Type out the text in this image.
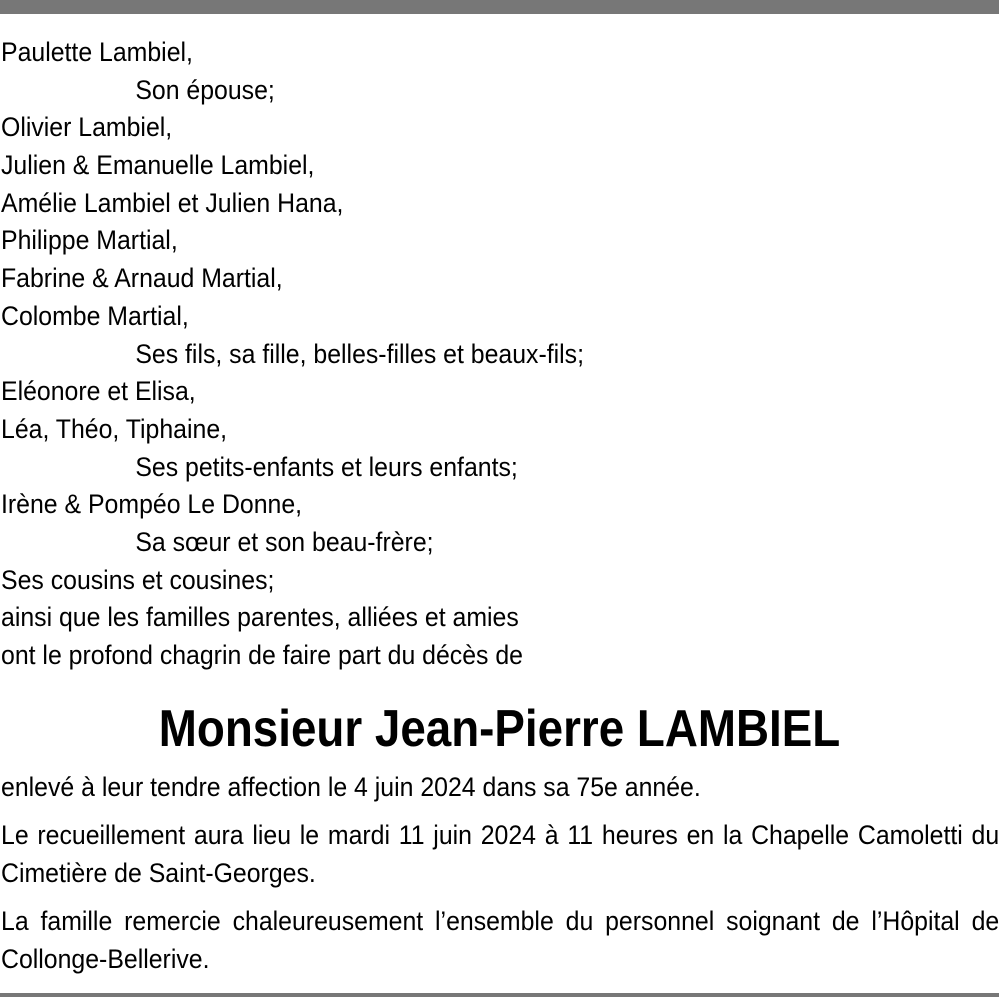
Paulette Lambiel,
Son épouse;
Olivier Lambiel,
Julien & Emanuelle Lambiel,
Amélie Lambiel et Julien Hana,
Philippe Martial,
Fabrine & Arnaud Martial,
Colombe Martial,
Ses fils, sa fille, belles-filles et beaux-fils;
Eléonore et Elisa,
Léa, Théo, Tiphaine,
Ses petits-enfants et leurs enfants;
Irène & Pompéo Le Donne,
Sa sœur et son beau-frère;
Ses cousins et cousines;
ainsi que les familles parentes, alliées et amies
ont le profond chagrin de faire part du décès de
Monsieur Jean-Pierre LAMBIEL
enlevé à leur tendre affection le 4 juin 2024 dans sa 75e année.
Le recueillement aura lieu le mardi 11 juin 2024 à 11 heures en la Chapelle Camoletti du Cimetière de Saint-Georges.
La famille remercie chaleureusement l’ensemble du personnel soignant de l’Hôpital de Collonge-Bellerive.
